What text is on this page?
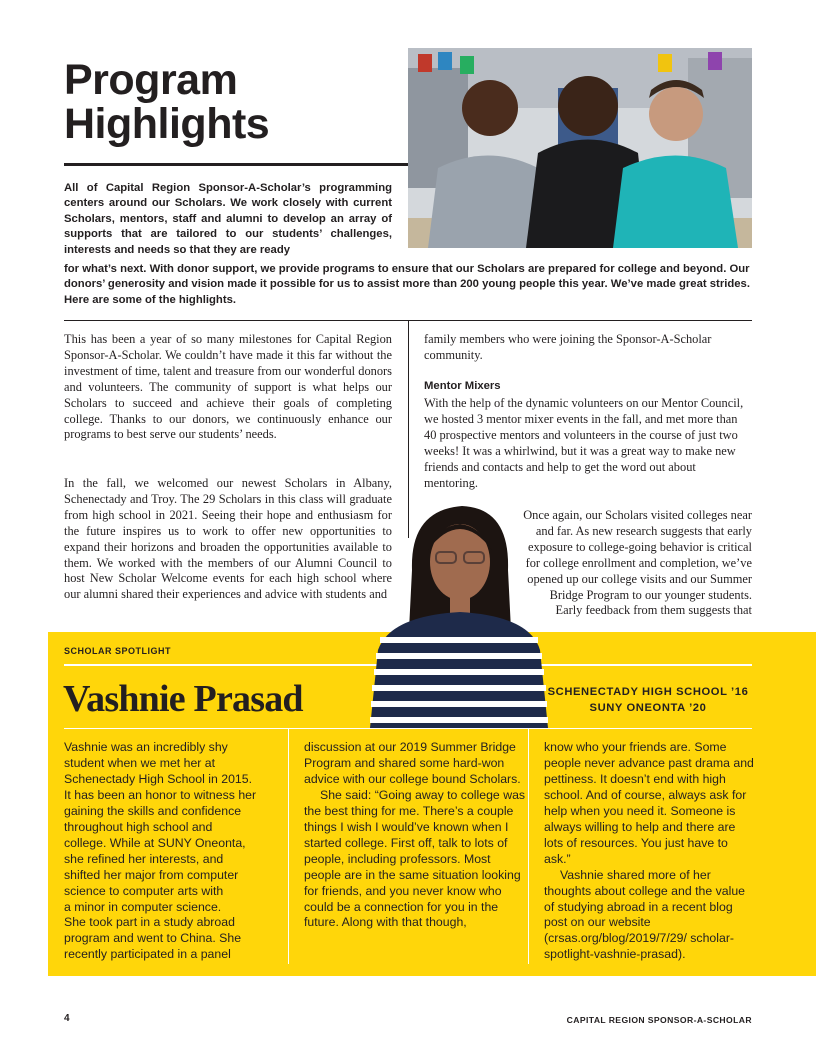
Program Highlights

All of Capital Region Sponsor-A-Scholar’s programming centers around our Scholars. We work closely with current Scholars, mentors, staff and alumni to develop an array of supports that are tailored to our students’ challenges, interests and needs so that they are ready

for what’s next. With donor support, we provide programs to ensure that our Scholars are prepared for college and beyond. Our donors’ generosity and vision made it possible for us to assist more than 200 young people this year. We’ve made great strides. Here are some of the highlights.

This has been a year of so many milestones for Capital Region Sponsor-A-Scholar. We couldn’t have made it this far without the investment of time, talent and treasure from our wonderful donors and volunteers. The community of support is what helps our Scholars to succeed and achieve their goals of completing college. Thanks to our donors, we continuously enhance our programs to best serve our students’ needs.

In the fall, we welcomed our newest Scholars in Albany, Schenectady and Troy. The 29 Scholars in this class will graduate from high school in 2021. Seeing their hope and enthusiasm for the future inspires us to work to offer new opportunities to expand their horizons and broaden the opportunities available to them. We worked with the members of our Alumni Council to host New Scholar Welcome events for each high school where our alumni shared their experiences and advice with students and

family members who were joining the Sponsor-A-Scholar community.

Mentor Mixers

With the help of the dynamic volunteers on our Mentor Council, we hosted 3 mentor mixer events in the fall, and met more than 40 prospective mentors and volunteers in the course of just two weeks! It was a whirlwind, but it was a great way to make new friends and contacts and help to get the word out about mentoring.

Once again, our Scholars visited colleges near
and far. As new research suggests that early
exposure to college-going behavior is critical
for college enrollment and completion, we’ve
opened up our college visits and our Summer
Bridge Program to our younger students.
Early feedback from them suggests that

SCHOLAR SPOTLIGHT

Vashnie Prasad	SCHENECTADY HIGH SCHOOL ’16
SUNY ONEONTA ’20
Vashnie was an incredibly shy
student when we met her at
Schenectady High School in 2015.
It has been an honor to witness her
gaining the skills and confidence
throughout high school and
college. While at SUNY Oneonta,
she refined her interests, and
shifted her major from computer
science to computer arts with
a minor in computer science.
She took part in a study abroad
program and went to China. She
recently participated in a panel
discussion at our 2019 Summer Bridge Program and shared some hard-won advice with our college bound Scholars.
She said: “Going away to college was the best thing for me. There’s a couple things I wish I would’ve known when I started college. First off, talk to lots of people, including professors. Most people are in the same situation looking for friends, and you never know who could be a connection for you in the future. Along with that though,
know who your friends are. Some people never advance past drama and pettiness. It doesn’t end with high school. And of course, always ask for help when you need it. Someone is always willing to help and there are lots of resources. You just have to ask.”
Vashnie shared more of her thoughts about college and the value of studying abroad in a recent blog post on our website (crsas.org/blog/2019/7/29/ scholar-spotlight-vashnie-prasad).

4	CAPITAL REGION SPONSOR-A-SCHOLAR
